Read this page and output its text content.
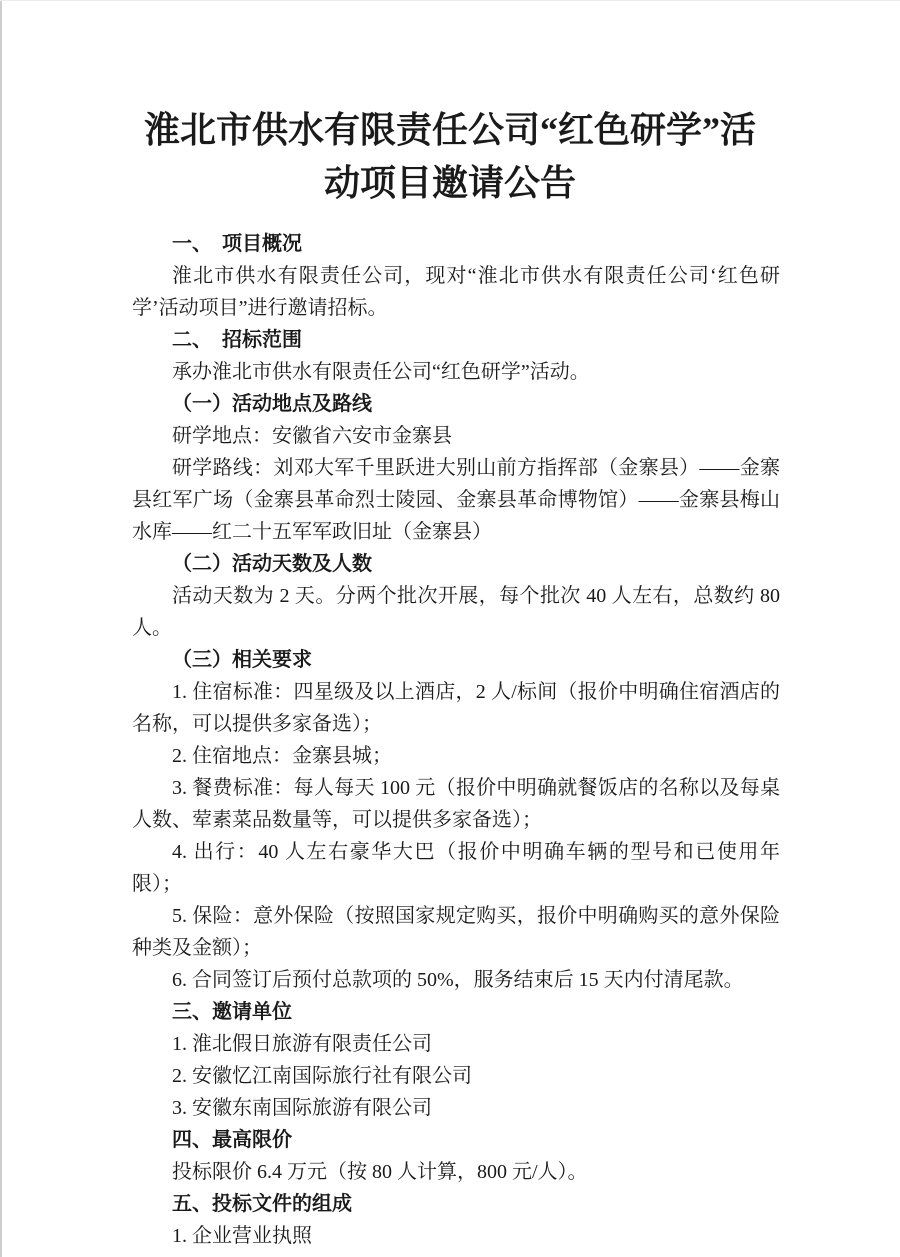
淮北市供水有限责任公司“红色研学”活动项目邀请公告

一、　项目概况

淮北市供水有限责任公司，现对“淮北市供水有限责任公司‘红色研学’活动项目”进行邀请招标。

二、　招标范围

承办淮北市供水有限责任公司“红色研学”活动。

（一）活动地点及路线

研学地点：安徽省六安市金寨县

研学路线：刘邓大军千里跃进大别山前方指挥部（金寨县）——金寨县红军广场（金寨县革命烈士陵园、金寨县革命博物馆）——金寨县梅山水库——红二十五军军政旧址（金寨县）

（二）活动天数及人数

活动天数为 2 天。分两个批次开展，每个批次 40 人左右，总数约 80 人。

（三）相关要求

1. 住宿标准：四星级及以上酒店，2 人/标间（报价中明确住宿酒店的名称，可以提供多家备选）；

2. 住宿地点：金寨县城；

3. 餐费标准：每人每天 100 元（报价中明确就餐饭店的名称以及每桌人数、荤素菜品数量等，可以提供多家备选）；

4. 出行：40 人左右豪华大巴（报价中明确车辆的型号和已使用年限）；

5. 保险：意外保险（按照国家规定购买，报价中明确购买的意外保险种类及金额）；

6. 合同签订后预付总款项的 50%，服务结束后 15 天内付清尾款。

三、邀请单位

1. 淮北假日旅游有限责任公司

2. 安徽忆江南国际旅行社有限公司

3. 安徽东南国际旅游有限公司

四、最高限价

投标限价 6.4 万元（按 80 人计算，800 元/人）。

五、投标文件的组成

1. 企业营业执照
